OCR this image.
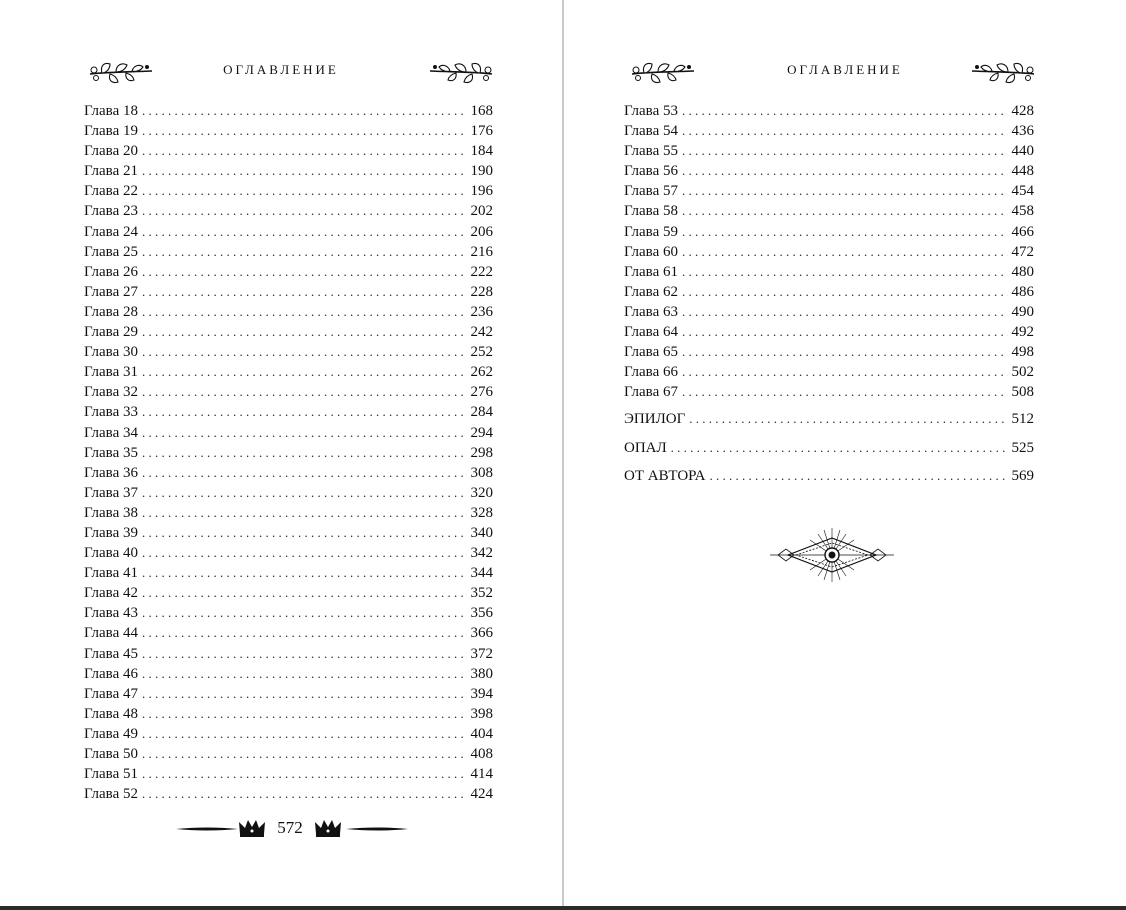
ОГЛАВЛЕНИЕ
Глава 18 . . .	168
Глава 19 . . .	176
Глава 20 . . .	184
Глава 21 . . .	190
Глава 22 . . .	196
Глава 23 . . .	202
Глава 24 . . .	206
Глава 25 . . .	216
Глава 26 . . .	222
Глава 27 . . .	228
Глава 28 . . .	236
Глава 29 . . .	242
Глава 30 . . .	252
Глава 31 . . .	262
Глава 32 . . .	276
Глава 33 . . .	284
Глава 34 . . .	294
Глава 35 . . .	298
Глава 36 . . .	308
Глава 37 . . .	320
Глава 38 . . .	328
Глава 39 . . .	340
Глава 40 . . .	342
Глава 41 . . .	344
Глава 42 . . .	352
Глава 43 . . .	356
Глава 44 . . .	366
Глава 45 . . .	372
Глава 46 . . .	380
Глава 47 . . .	394
Глава 48 . . .	398
Глава 49 . . .	404
Глава 50 . . .	408
Глава 51 . . .	414
Глава 52 . . .	424
572
ОГЛАВЛЕНИЕ
Глава 53 . . .	428
Глава 54 . . .	436
Глава 55 . . .	440
Глава 56 . . .	448
Глава 57 . . .	454
Глава 58 . . .	458
Глава 59 . . .	466
Глава 60 . . .	472
Глава 61 . . .	480
Глава 62 . . .	486
Глава 63 . . .	490
Глава 64 . . .	492
Глава 65 . . .	498
Глава 66 . . .	502
Глава 67 . . .	508
ЭПИЛОГ . . .	512
ОПАЛ . . .	525
ОТ АВТОРА . . .	569
